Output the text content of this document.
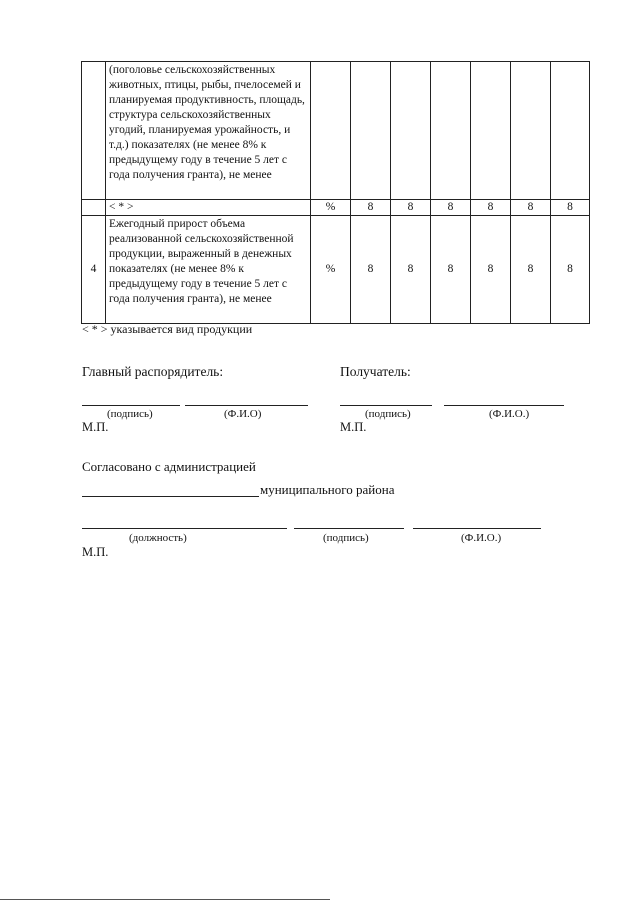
	(поголовье сельскохозяйственных животных, птицы, рыбы, пчелосемей и планируемая продуктивность, площадь, структура сельскохозяйственных угодий, планируемая урожайность, и т.д.) показателях (не менее 8% к предыдущему году в течение 5 лет с года получения гранта), не менее							
	< * >	%	8	8	8	8	8	8
4	Ежегодный прирост объема реализованной сельскохозяйственной продукции, выраженный в денежных показателях (не менее 8% к предыдущему году в течение 5 лет с года получения гранта), не менее	%	8	8	8	8	8	8
< * > указывается вид продукции
Главный распорядитель:	Получатель:
(подпись)	(Ф.И.О)	(подпись)	(Ф.И.О.)
М.П.	М.П.
Согласовано с администрацией
муниципального района
(должность)	(подпись)	(Ф.И.О.)
М.П.
